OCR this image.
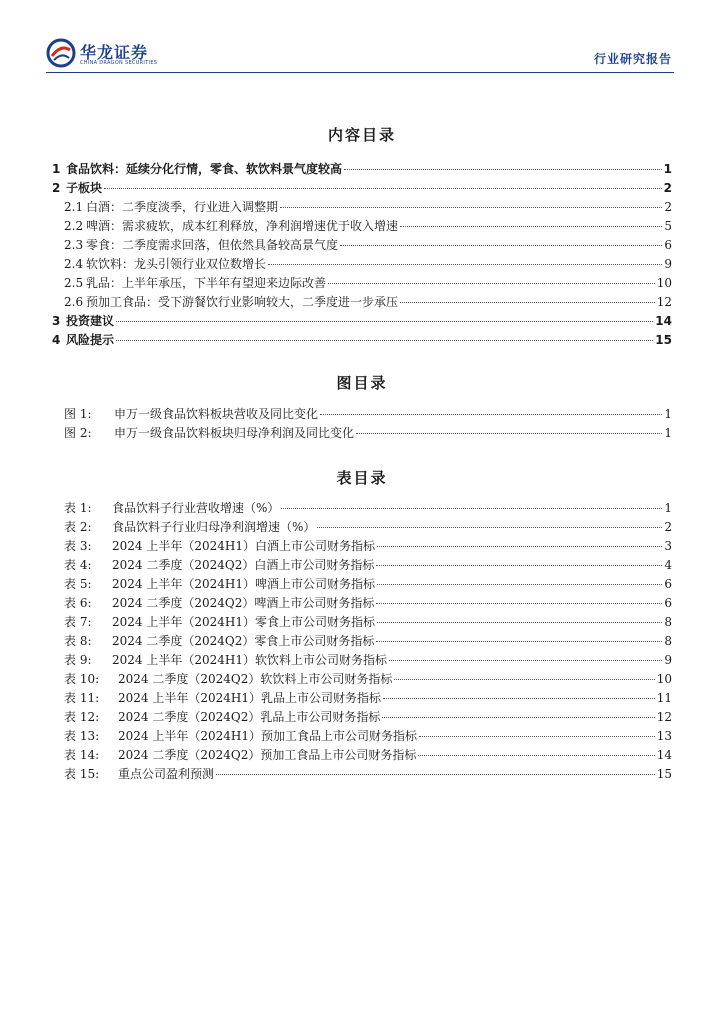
华龙证券
CHINA DRAGON SECURITIES	行业研究报告
内容目录
1 食品饮料：延续分化行情，零食、软饮料景气度较高	1
2 子板块	2
2.1 白酒：二季度淡季，行业进入调整期	2
2.2 啤酒：需求疲软，成本红利释放，净利润增速优于收入增速	5
2.3 零食：二季度需求回落，但依然具备较高景气度	6
2.4 软饮料：龙头引领行业双位数增长	9
2.5 乳品：上半年承压，下半年有望迎来边际改善	10
2.6 预加工食品：受下游餐饮行业影响较大，二季度进一步承压	12
3 投资建议	14
4 风险提示	15
图目录
图 1:	申万一级食品饮料板块营收及同比变化	1
图 2:	申万一级食品饮料板块归母净利润及同比变化	1
表目录
表 1:	食品饮料子行业营收增速（%）	1
表 2:	食品饮料子行业归母净利润增速（%）	2
表 3:	2024 上半年（2024H1）白酒上市公司财务指标	3
表 4:	2024 二季度（2024Q2）白酒上市公司财务指标	4
表 5:	2024 上半年（2024H1）啤酒上市公司财务指标	6
表 6:	2024 二季度（2024Q2）啤酒上市公司财务指标	6
表 7:	2024 上半年（2024H1）零食上市公司财务指标	8
表 8:	2024 二季度（2024Q2）零食上市公司财务指标	8
表 9:	2024 上半年（2024H1）软饮料上市公司财务指标	9
表 10:	2024 二季度（2024Q2）软饮料上市公司财务指标	10
表 11:	2024 上半年（2024H1）乳品上市公司财务指标	11
表 12:	2024 二季度（2024Q2）乳品上市公司财务指标	12
表 13:	2024 上半年（2024H1）预加工食品上市公司财务指标	13
表 14:	2024 二季度（2024Q2）预加工食品上市公司财务指标	14
表 15:	重点公司盈利预测	15
